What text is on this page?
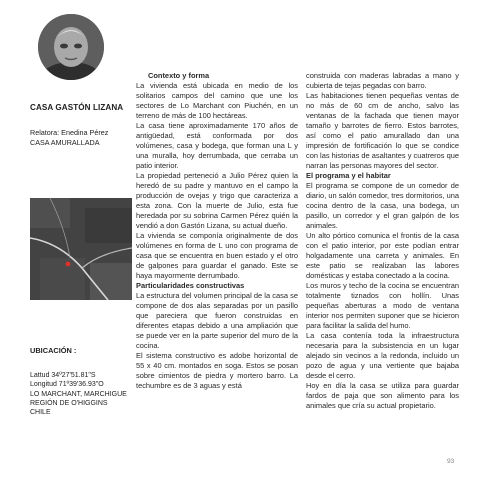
CASA GASTÓN LIZANA
Relatora: Enedina Pérez
CASA AMURALLADA
UBICACIÓN :
Lattud 34º27'51.81"S
Longitud 71º39'36.93"O
LO MARCHANT, MARCHIGUE
REGIÓN DE O'HIGGINS
CHILE

Contexto y forma

La vivienda está ubicada en medio de los solitarios campos del camino que une los sectores de Lo Marchant con Piuchén, en un terreno de más de 100 hectáreas.

La casa tiene aproximadamente 170 años de antigüedad, está conformada por dos volúmenes, casa y bodega, que forman una L y una muralla, hoy derrumbada, que cerraba un patio interior.

La propiedad perteneció a Julio Pérez quien la heredó de su padre y mantuvo en el campo la producción de ovejas y trigo que caracteriza a esta zona. Con la muerte de Julio, esta fue heredada por su sobrina Carmen Pérez quién la vendió a don Gastón Lizana, su actual dueño.

La vivienda se componía originalmente de dos volúmenes en forma de L uno con programa de casa que se encuentra en buen estado y el otro de galpones para guardar el ganado. Este se haya mayormente derrumbado.

Particularidades constructivas

La estructura del volumen principal de la casa se compone de dos alas separadas por un pasillo que pareciera que fueron construidas en diferentes etapas debido a una ampliación que se puede ver en la parte superior del muro de la cocina.

El sistema constructivo es adobe horizontal de 55 x 40 cm. montados en soga. Estos se posan sobre cimientos de piedra y mortero barro. La techumbre es de 3 aguas y está

construida con maderas labradas a mano y cubierta de tejas pegadas con barro.

Las habitaciones tienen pequeñas ventas de no más de 60 cm de ancho, salvo las ventanas de la fachada que tienen mayor tamaño y barrotes de fierro. Estos barrotes, así como el patio amurallado dan una impresión de fortificación lo que se condice con las historias de asaltantes y cuatreros que narran las personas mayores del sector.

El programa y el habitar

El programa se compone de un comedor de diario, un salón comedor, tres dormitorios, una cocina dentro de la casa, una bodega, un pasillo, un corredor y el gran galpón de los animales.

Un alto pórtico comunica el frontis de la casa con el patio interior, por este podían entrar holgadamente una carreta y animales. En este patio se realizaban las labores domésticas y estaba conectado a la cocina.

Los muros y techo de la cocina se encuentran totalmente tiznados con hollín. Unas pequeñas aberturas a modo de ventana interior nos permiten suponer que se hicieron para facilitar la salida del humo.

La casa contenía toda la infraestructura necesaria para la subsistencia en un lugar alejado sin vecinos a la redonda, incluido un pozo de agua y una vertiente que bajaba desde el cerro.

Hoy en día la casa se utiliza para guardar fardos de paja que son alimento para los animales que cría su actual propietario.

93
